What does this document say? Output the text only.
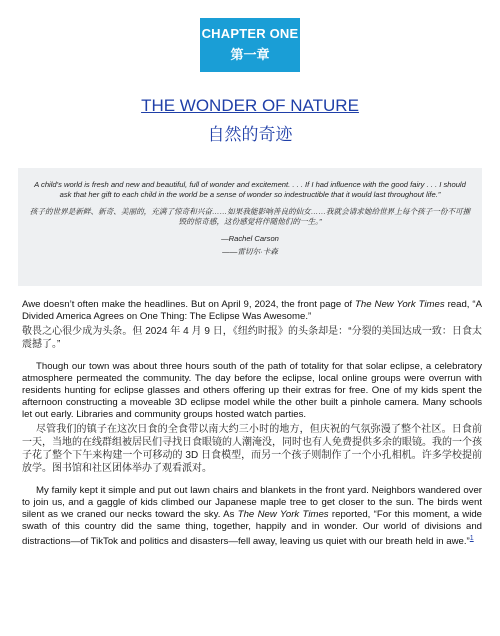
CHAPTER ONE
第一章
THE WONDER OF NATURE
自然的奇迹

A child's world is fresh and new and beautiful, full of wonder and excitement. . . . If I had influence with the good fairy . . . I should ask that her gift to each child in the world be a sense of wonder so indestructible that it would last throughout life.”

孩子的世界是新鲜、新奇、美丽的，充满了惊奇和兴奋……如果我能影响善良的仙女……我就会请求她给世界上每个孩子一份不可摧毁的惊奇感，这份感觉将伴随他们的一生。”

—Rachel Carson

——雷切尔·卡森

Awe doesn’t often make the headlines. But on April 9, 2024, the front page of The New York Times read, “A Divided America Agrees on One Thing: The Eclipse Was Awesome.”

敬畏之心很少成为头条。但 2024 年 4 月 9 日，《纽约时报》的头条却是：“分裂的美国达成一致：日食太震撼了。”

Though our town was about three hours south of the path of totality for that solar eclipse, a celebratory atmosphere permeated the community. The day before the eclipse, local online groups were overrun with residents hunting for eclipse glasses and others offering up their extras for free. One of my kids spent the afternoon constructing a moveable 3D eclipse model while the other built a pinhole camera. Many schools let out early. Libraries and community groups hosted watch parties.

尽管我们的镇子在这次日食的全食带以南大约三小时的地方，但庆祝的气氛弥漫了整个社区。日食前一天，当地的在线群组被居民们寻找日食眼镜的人潮淹没，同时也有人免费提供多余的眼镜。我的一个孩子花了整个下午来构建一个可移动的 3D 日食模型，而另一个孩子则制作了一个小孔相机。许多学校提前放学。图书馆和社区团体举办了观看派对。

My family kept it simple and put out lawn chairs and blankets in the front yard. Neighbors wandered over to join us, and a gaggle of kids climbed our Japanese maple tree to get closer to the sun. The birds went silent as we craned our necks toward the sky. As The New York Times reported, “For this moment, a wide swath of this country did the same thing, together, happily and in wonder. Our world of divisions and distractions—of TikTok and politics and disasters—fell away, leaving us quiet with our breath held in awe.”$^1$
